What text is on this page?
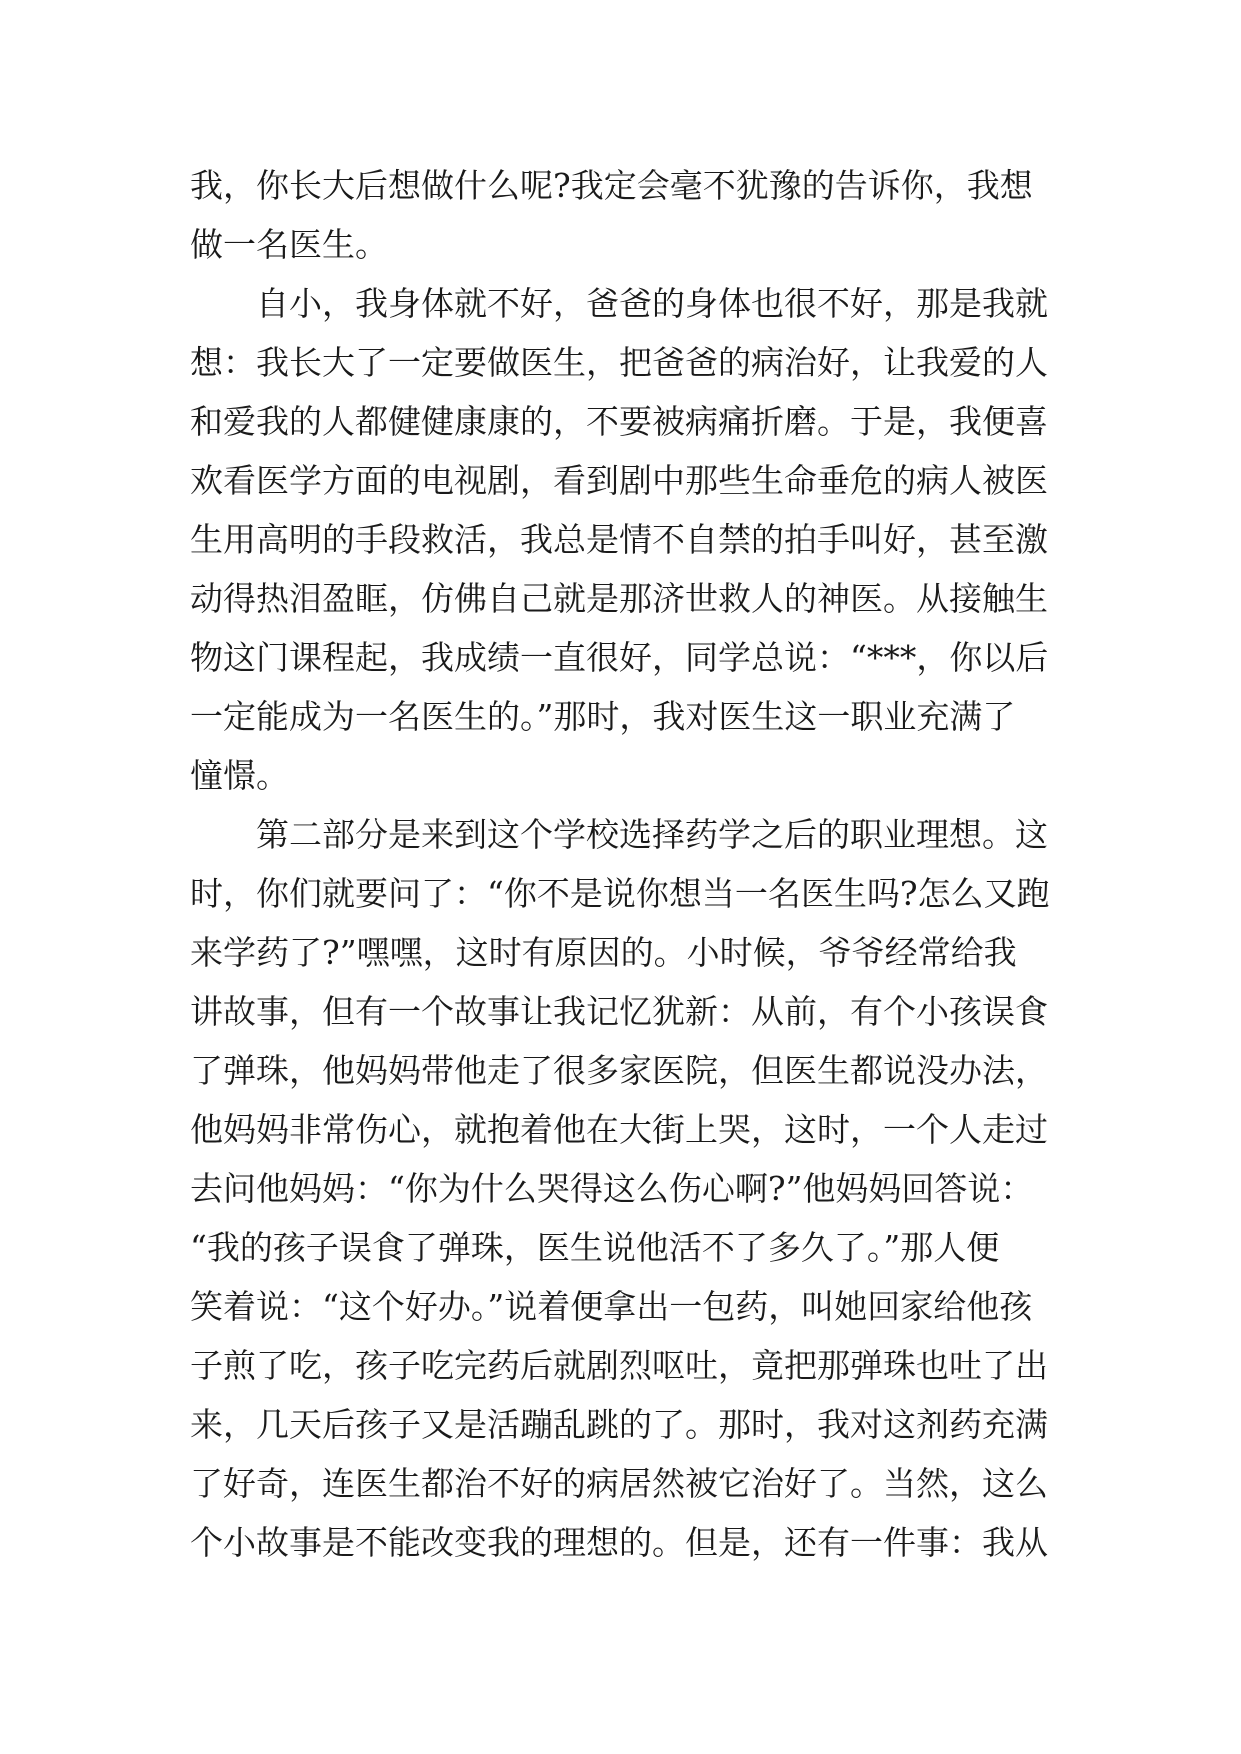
我，你长大后想做什么呢?我定会毫不犹豫的告诉你，我想
做一名医生。
自小，我身体就不好，爸爸的身体也很不好，那是我就
想：我长大了一定要做医生，把爸爸的病治好，让我爱的人
和爱我的人都健健康康的，不要被病痛折磨。于是，我便喜
欢看医学方面的电视剧，看到剧中那些生命垂危的病人被医
生用高明的手段救活，我总是情不自禁的拍手叫好，甚至激
动得热泪盈眶，仿佛自己就是那济世救人的神医。从接触生
物这门课程起，我成绩一直很好，同学总说：“***，你以后
一定能成为一名医生的。”那时，我对医生这一职业充满了
憧憬。
第二部分是来到这个学校选择药学之后的职业理想。这
时，你们就要问了：“你不是说你想当一名医生吗?怎么又跑
来学药了?”嘿嘿，这时有原因的。小时候，爷爷经常给我
讲故事，但有一个故事让我记忆犹新：从前，有个小孩误食
了弹珠，他妈妈带他走了很多家医院，但医生都说没办法，
他妈妈非常伤心，就抱着他在大街上哭，这时，一个人走过
去问他妈妈：“你为什么哭得这么伤心啊?”他妈妈回答说：
“我的孩子误食了弹珠，医生说他活不了多久了。”那人便
笑着说：“这个好办。”说着便拿出一包药，叫她回家给他孩
子煎了吃，孩子吃完药后就剧烈呕吐，竟把那弹珠也吐了出
来，几天后孩子又是活蹦乱跳的了。那时，我对这剂药充满
了好奇，连医生都治不好的病居然被它治好了。当然，这么
个小故事是不能改变我的理想的。但是，还有一件事：我从
